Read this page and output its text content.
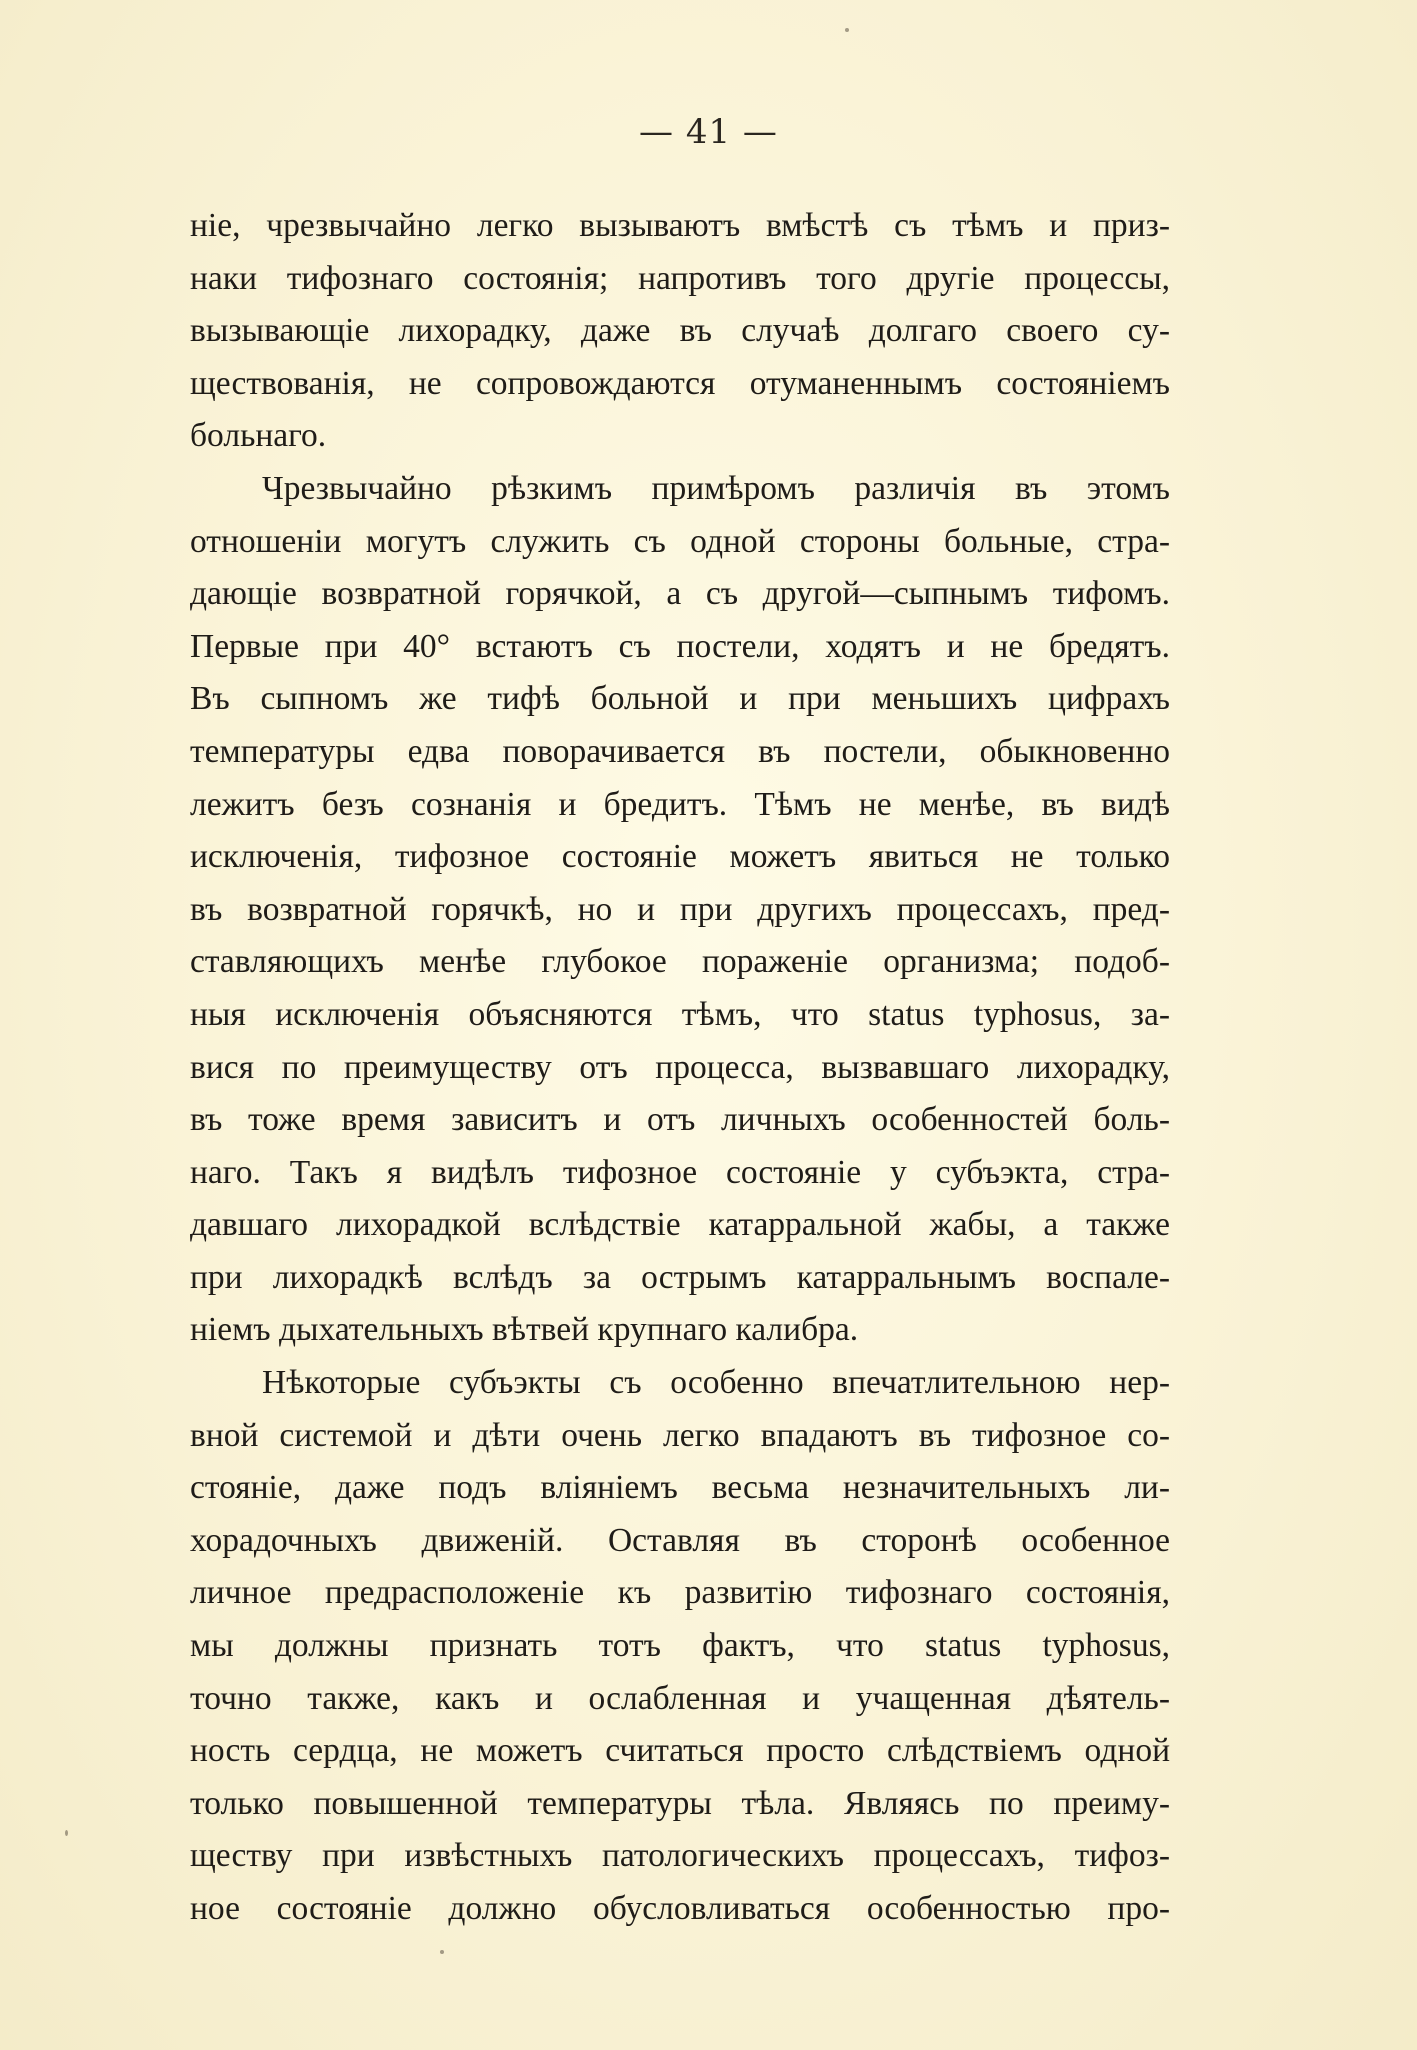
— 41 —
ніе, чрезвычайно легко вызываютъ вмѣстѣ съ тѣмъ и приз-
наки тифознаго состоянія; напротивъ того другіе процессы,
вызывающіе лихорадку, даже въ случаѣ долгаго своего су-
ществованія, не сопровождаются отуманеннымъ состояніемъ
больнаго.
Чрезвычайно рѣзкимъ примѣромъ различія въ этомъ
отношеніи могутъ служить съ одной стороны больные, стра-
дающіе возвратной горячкой, а съ другой—сыпнымъ тифомъ.
Первые при 40° встаютъ съ постели, ходятъ и не бредятъ.
Въ сыпномъ же тифѣ больной и при меньшихъ цифрахъ
температуры едва поворачивается въ постели, обыкновенно
лежитъ безъ сознанія и бредитъ. Тѣмъ не менѣе, въ видѣ
исключенія, тифозное состояніе можетъ явиться не только
въ возвратной горячкѣ, но и при другихъ процессахъ, пред-
ставляющихъ менѣе глубокое пораженіе организма; подоб-
ныя исключенія объясняются тѣмъ, что status typhosus, за-
вися по преимуществу отъ процесса, вызвавшаго лихорадку,
въ тоже время зависитъ и отъ личныхъ особенностей боль-
наго. Такъ я видѣлъ тифозное состояніе у субъэкта, стра-
давшаго лихорадкой вслѣдствіе катарральной жабы, а также
при лихорадкѣ вслѣдъ за острымъ катарральнымъ воспале-
ніемъ дыхательныхъ вѣтвей крупнаго калибра.
Нѣкоторые субъэкты съ особенно впечатлительною нер-
вной системой и дѣти очень легко впадаютъ въ тифозное со-
стояніе, даже подъ вліяніемъ весьма незначительныхъ ли-
хорадочныхъ движеній. Оставляя въ сторонѣ особенное
личное предрасположеніе къ развитію тифознаго состоянія,
мы должны признать тотъ фактъ, что status typhosus,
точно также, какъ и ослабленная и учащенная дѣятель-
ность сердца, не можетъ считаться просто слѣдствіемъ одной
только повышенной температуры тѣла. Являясь по преиму-
ществу при извѣстныхъ патологическихъ процессахъ, тифоз-
ное состояніе должно обусловливаться особенностью про-
